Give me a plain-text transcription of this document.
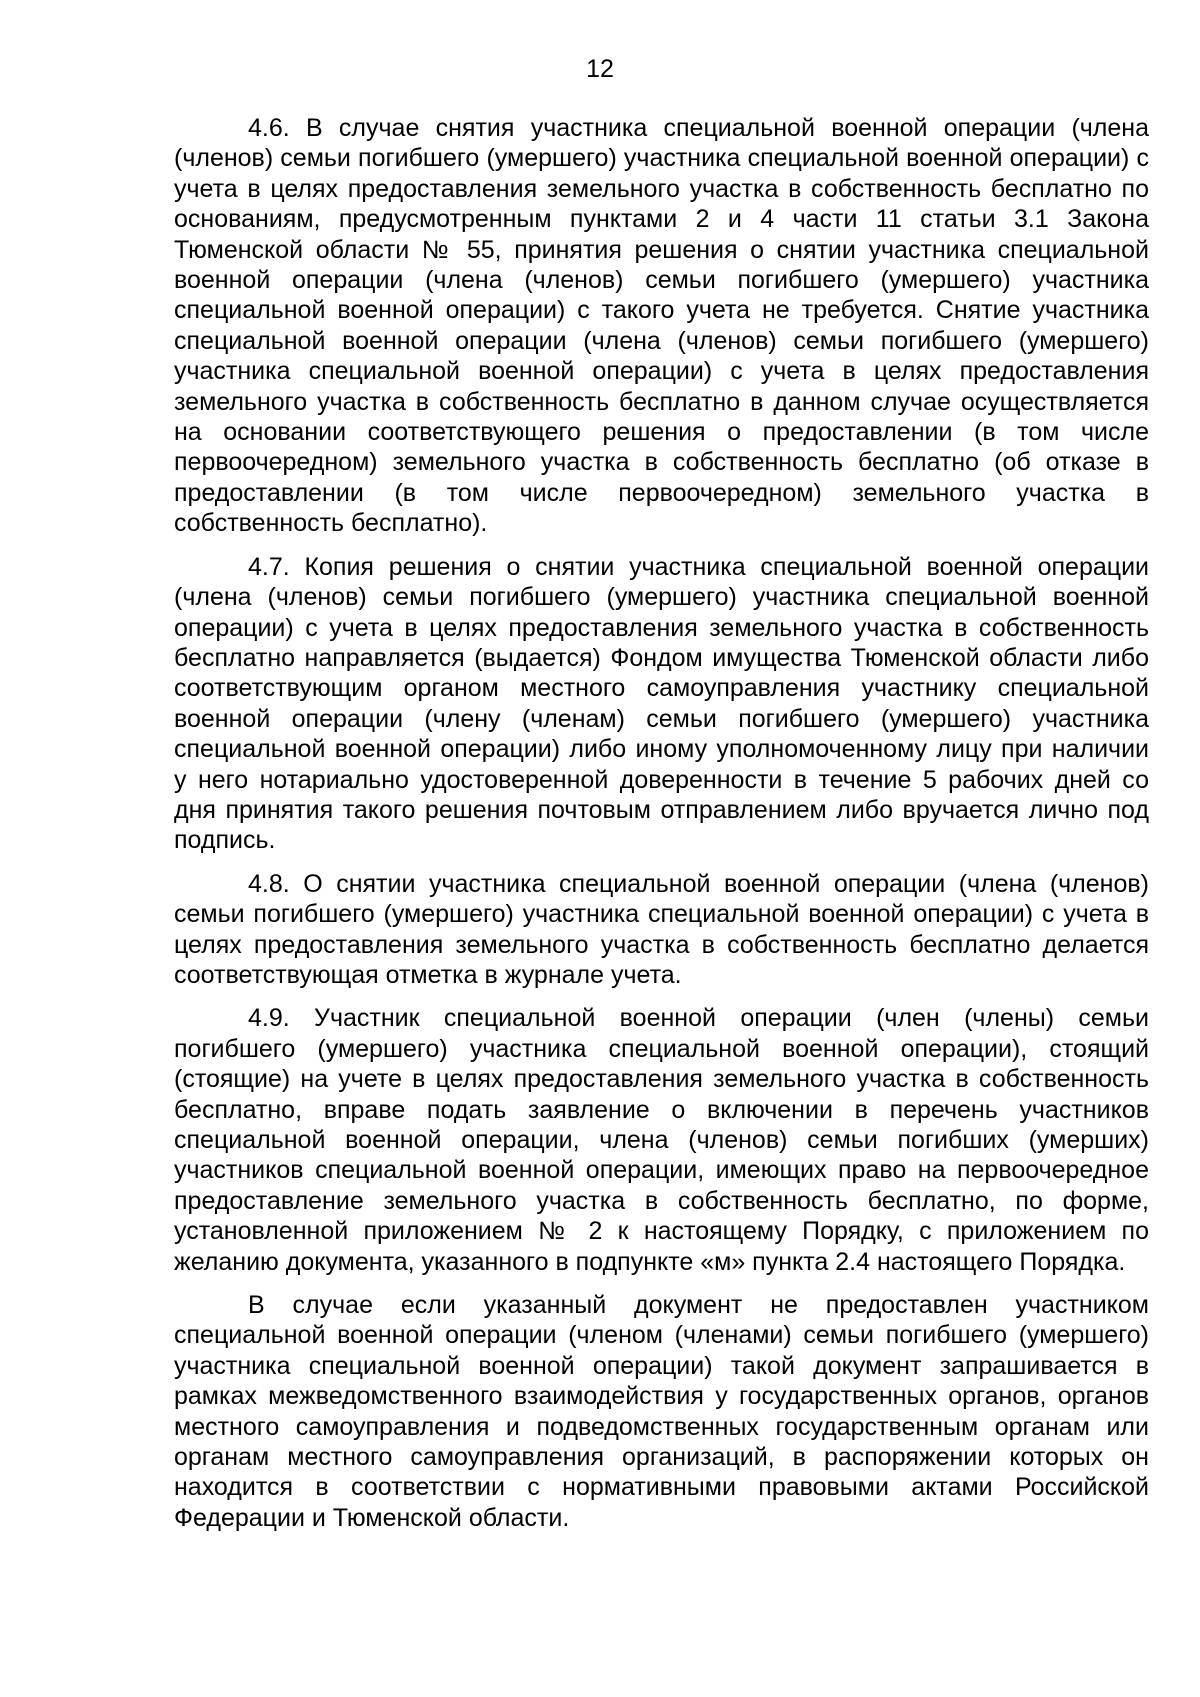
12

4.6. В случае снятия участника специальной военной операции (члена (членов) семьи погибшего (умершего) участника специальной военной операции) с учета в целях предоставления земельного участка в собственность бесплатно по основаниям, предусмотренным пунктами 2 и 4 части 11 статьи 3.1 Закона Тюменской области № 55, принятия решения о снятии участника специальной военной операции (члена (членов) семьи погибшего (умершего) участника специальной военной операции) с такого учета не требуется. Снятие участника специальной военной операции (члена (членов) семьи погибшего (умершего) участника специальной военной операции) с учета в целях предоставления земельного участка в собственность бесплатно в данном случае осуществляется на основании соответствующего решения о предоставлении (в том числе первоочередном) земельного участка в собственность бесплатно (об отказе в предоставлении (в том числе первоочередном) земельного участка в собственность бесплатно).

4.7. Копия решения о снятии участника специальной военной операции (члена (членов) семьи погибшего (умершего) участника специальной военной операции) с учета в целях предоставления земельного участка в собственность бесплатно направляется (выдается) Фондом имущества Тюменской области либо соответствующим органом местного самоуправления участнику специальной военной операции (члену (членам) семьи погибшего (умершего) участника специальной военной операции) либо иному уполномоченному лицу при наличии у него нотариально удостоверенной доверенности в течение 5 рабочих дней со дня принятия такого решения почтовым отправлением либо вручается лично под подпись.

4.8. О снятии участника специальной военной операции (члена (членов) семьи погибшего (умершего) участника специальной военной операции) с учета в целях предоставления земельного участка в собственность бесплатно делается соответствующая отметка в журнале учета.

4.9. Участник специальной военной операции (член (члены) семьи погибшего (умершего) участника специальной военной операции), стоящий (стоящие) на учете в целях предоставления земельного участка в собственность бесплатно, вправе подать заявление о включении в перечень участников специальной военной операции, члена (членов) семьи погибших (умерших) участников специальной военной операции, имеющих право на первоочередное предоставление земельного участка в собственность бесплатно, по форме, установленной приложением № 2 к настоящему Порядку, с приложением по желанию документа, указанного в подпункте «м» пункта 2.4 настоящего Порядка.

В случае если указанный документ не предоставлен участником специальной военной операции (членом (членами) семьи погибшего (умершего) участника специальной военной операции) такой документ запрашивается в рамках межведомственного взаимодействия у государственных органов, органов местного самоуправления и подведомственных государственным органам или органам местного самоуправления организаций, в распоряжении которых он находится в соответствии с нормативными правовыми актами Российской Федерации и Тюменской области.
